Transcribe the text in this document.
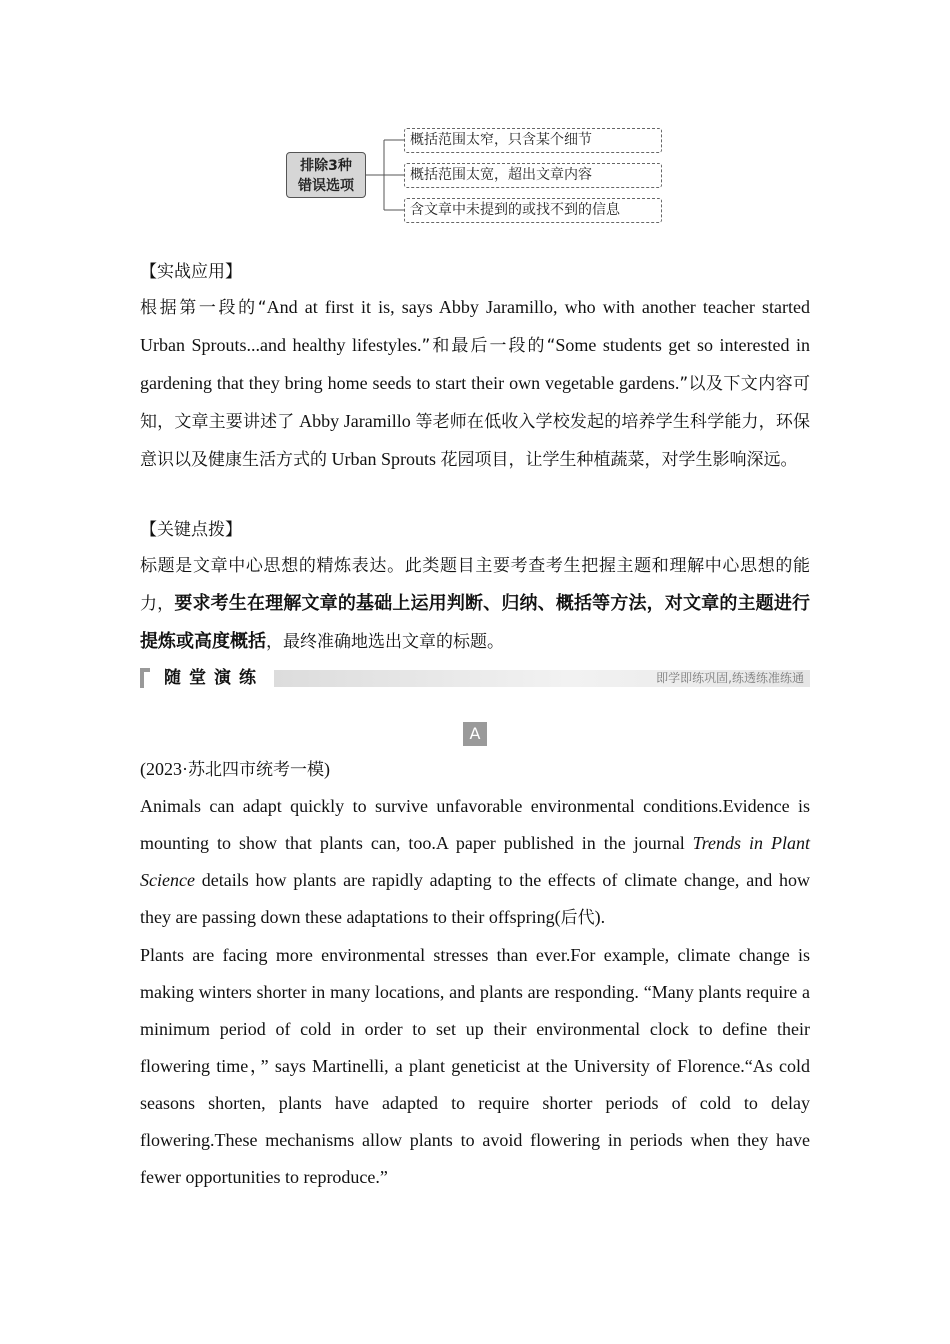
排除3种
错误选项
概括范围太窄，只含某个细节
概括范围太宽，超出文章内容
含文章中未提到的或找不到的信息
【实战应用】

根据第一段的“And at first it is, says Abby Jaramillo, who with another teacher started Urban Sprouts...and healthy lifestyles.”和最后一段的“Some students get so interested in gardening that they bring home seeds to start their own vegetable gardens.”以及下文内容可知，文章主要讲述了 Abby Jaramillo 等老师在低收入学校发起的培养学生科学能力，环保意识以及健康生活方式的 Urban Sprouts 花园项目，让学生种植蔬菜，对学生影响深远。

【关键点拨】

标题是文章中心思想的精炼表达。此类题目主要考查考生把握主题和理解中心思想的能力，要求考生在理解文章的基础上运用判断、归纳、概括等方法，对文章的主题进行提炼或高度概括，最终准确地选出文章的标题。

随堂演练	即学即练巩固,练透练准练通
A

(2023·苏北四市统考一模)

Animals can adapt quickly to survive unfavorable environmental conditions.Evidence is mounting to show that plants can, too.A paper published in the journal Trends in Plant Science details how plants are rapidly adapting to the effects of climate change, and how they are passing down these adaptations to their offspring(后代).

Plants are facing more environmental stresses than ever.For example, climate change is making winters shorter in many locations, and plants are responding. “Many plants require a minimum period of cold in order to set up their environmental clock to define their flowering time，” says Martinelli, a plant geneticist at the University of Florence.“As cold seasons shorten, plants have adapted to require shorter periods of cold to delay flowering.These mechanisms allow plants to avoid flowering in periods when they have fewer opportunities to reproduce.”
